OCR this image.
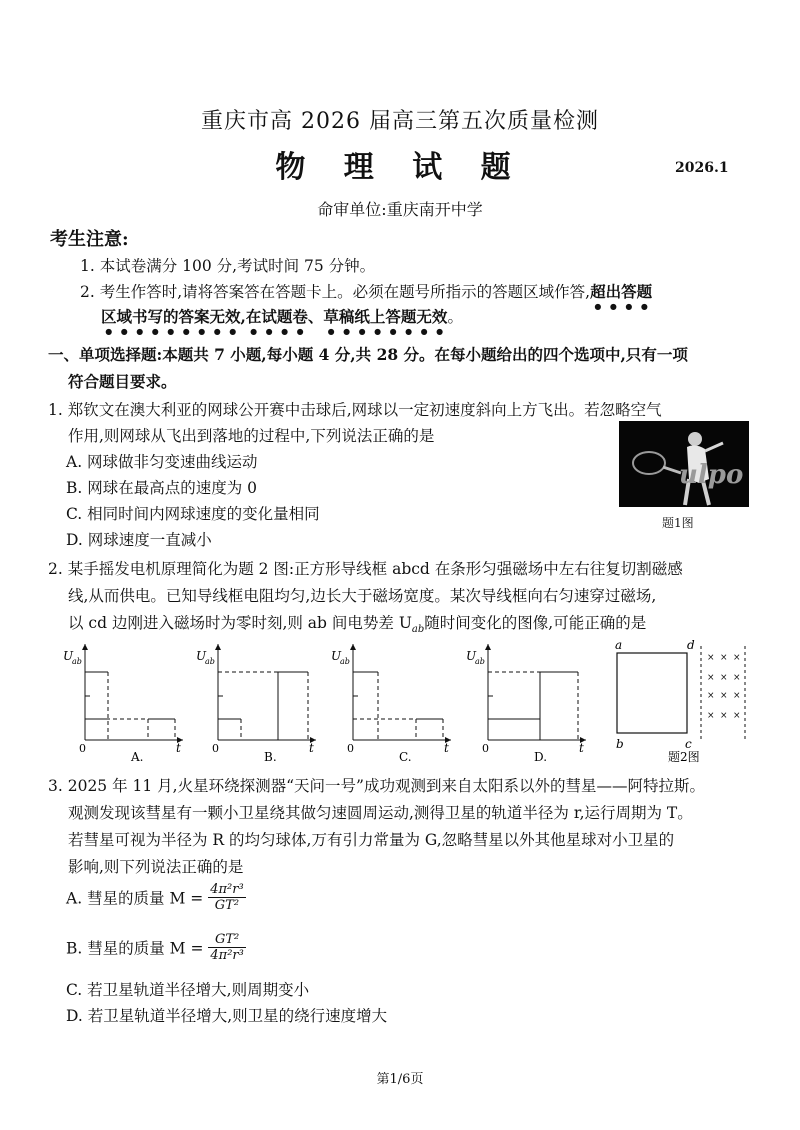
重庆市高 2026 届高三第五次质量检测
物 理 试 题	2026.1
命审单位:重庆南开中学
考生注意:
1. 本试卷满分 100 分,考试时间 75 分钟。
2. 考生作答时,请将答案答在答题卡上。必须在题号所指示的答题区域作答,超出答题
区域书写的答案无效,在试题卷、草稿纸上答题无效。
一、单项选择题:本题共 7 小题,每小题 4 分,共 28 分。在每小题给出的四个选项中,只有一项
符合题目要求。
1. 郑钦文在澳大利亚的网球公开赛中击球后,网球以一定初速度斜向上方飞出。若忽略空气
作用,则网球从飞出到落地的过程中,下列说法正确的是
A. 网球做非匀变速曲线运动
B. 网球在最高点的速度为 0
C. 相同时间内网球速度的变化量相同
D. 网球速度一直减小
ulpo
题1图
2. 某手摇发电机原理简化为题 2 图:正方形导线框 abcd 在条形匀强磁场中左右往复切割磁感
线,从而供电。已知导线框电阻均匀,边长大于磁场宽度。某次导线框向右匀速穿过磁场,
以 cd 边刚进入磁场时为零时刻,则 ab 间电势差 $U_{ab}$随时间变化的图像,可能正确的是
U
ab
0	t
A.
U
ab
0	t
B.
U
ab
0	t
C.
U
ab
0	t
D.
a	d
b	c
× × ×
× × ×
× × ×
× × ×
题2图
3. 2025 年 11 月,火星环绕探测器“天问一号”成功观测到来自太阳系以外的彗星——阿特拉斯。
观测发现该彗星有一颗小卫星绕其做匀速圆周运动,测得卫星的轨道半径为 r,运行周期为 T。
若彗星可视为半径为 R 的均匀球体,万有引力常量为 G,忽略彗星以外其他星球对小卫星的
影响,则下列说法正确的是
A. 彗星的质量 $M = \frac{\text{4π²r³}}{\text{GT²}}$
B. 彗星的质量 $M = \frac{\text{GT²}}{\text{4π²r³}}$
C. 若卫星轨道半径增大,则周期变小
D. 若卫星轨道半径增大,则卫星的绕行速度增大
第1/6页
